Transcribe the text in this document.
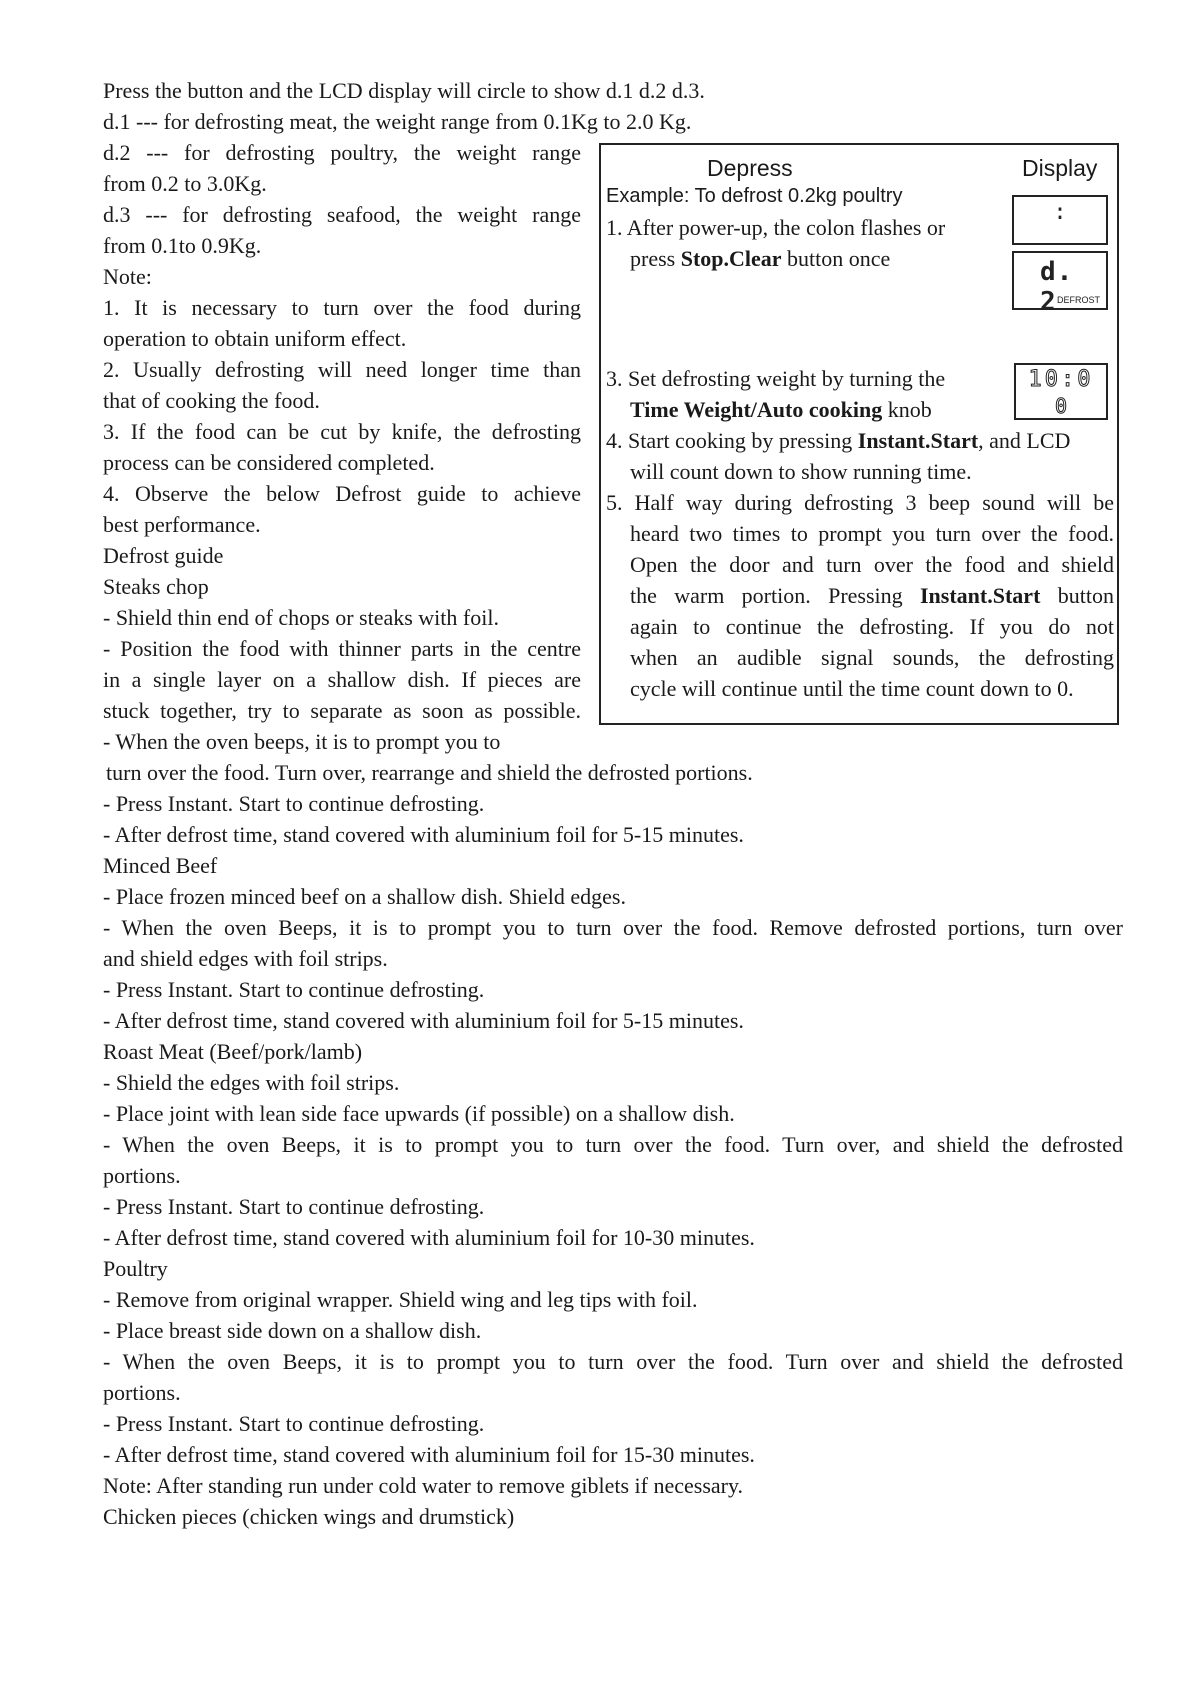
Press the button and the LCD display will circle to show d.1 d.2 d.3.
d.1 --- for defrosting meat, the weight range from 0.1Kg to 2.0 Kg.
d.2 --- for defrosting poultry, the weight range
from 0.2 to 3.0Kg.
d.3 --- for defrosting seafood, the weight range
from 0.1to 0.9Kg.
Note:
1. It is necessary to turn over the food during
operation to obtain uniform effect.
2. Usually defrosting will need longer time than
that of cooking the food.
3. If the food can be cut by knife, the defrosting
process can be considered completed.
4. Observe the below Defrost guide to achieve
best performance.
Defrost guide
Steaks chop
- Shield thin end of chops or steaks with foil.
- Position the food with thinner parts in the centre
in a single layer on a shallow dish. If pieces are
stuck together, try to separate as soon as possible.
- When the oven beeps, it is to prompt you to
Depress	Display
Example: To defrost 0.2kg poultry
1. After power-up, the colon flashes or
press Stop.Clear button once
:
d. 2 DEFROST
3. Set defrosting weight by turning the
Time Weight/Auto cooking knob
10:0
0
4. Start cooking by pressing Instant.Start, and LCD
will count down to show running time.
5. Half way during defrosting 3 beep sound will be
heard two times to prompt you turn over the food.
Open the door and turn over the food and shield
the warm portion. Pressing Instant.Start button
again to continue the defrosting. If you do not
when an audible signal sounds, the defrosting
cycle will continue until the time count down to 0.
turn over the food. Turn over, rearrange and shield the defrosted portions.
- Press Instant. Start to continue defrosting.
- After defrost time, stand covered with aluminium foil for 5-15 minutes.
Minced Beef
- Place frozen minced beef on a shallow dish. Shield edges.
- When the oven Beeps, it is to prompt you to turn over the food. Remove defrosted portions, turn over
and shield edges with foil strips.
- Press Instant. Start to continue defrosting.
- After defrost time, stand covered with aluminium foil for 5-15 minutes.
Roast Meat (Beef/pork/lamb)
- Shield the edges with foil strips.
- Place joint with lean side face upwards (if possible) on a shallow dish.
- When the oven Beeps, it is to prompt you to turn over the food. Turn over, and shield the defrosted
portions.
- Press Instant. Start to continue defrosting.
- After defrost time, stand covered with aluminium foil for 10-30 minutes.
Poultry
- Remove from original wrapper. Shield wing and leg tips with foil.
- Place breast side down on a shallow dish.
- When the oven Beeps, it is to prompt you to turn over the food. Turn over and shield the defrosted
portions.
- Press Instant. Start to continue defrosting.
- After defrost time, stand covered with aluminium foil for 15-30 minutes.
Note: After standing run under cold water to remove giblets if necessary.
Chicken pieces (chicken wings and drumstick)
